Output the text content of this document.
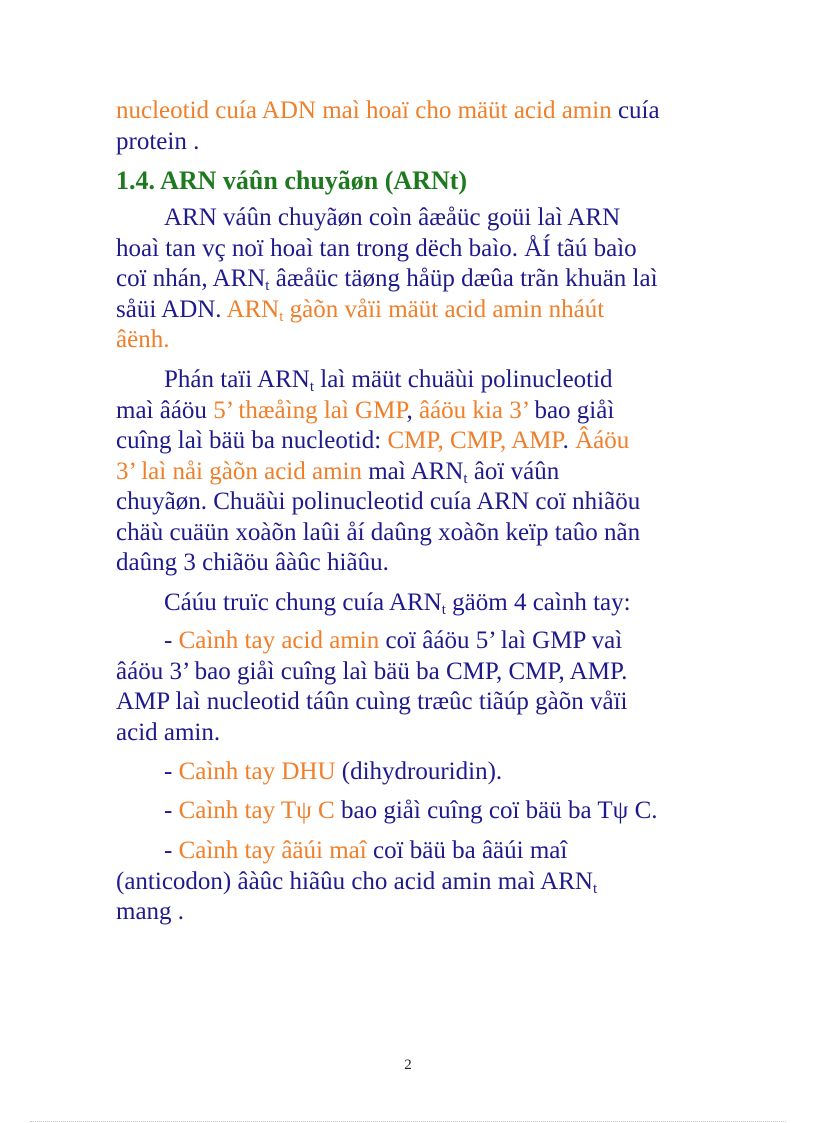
nucleotid cuía ADN maì hoaï cho mäüt acid amin cuía
protein .
1.4. ARN váûn chuyãøn (ARNt)
ARN váûn chuyãøn coìn âæåüc goüi laì ARN
hoaì tan vç noï hoaì tan trong dëch baìo. ÅÍ tãú baìo
coï nhán, $ARN_t$ âæåüc täøng håüp dæûa trãn khuän laì
såüi ADN. $ARN_t$ gàõn våïi mäüt acid amin nháút
âënh.
Phán taïi $ARN_t$ laì mäüt chuäùi polinucleotid
maì âáöu 5’ thæåìng laì GMP, âáöu kia 3’ bao giåì
cuîng laì bäü ba nucleotid: CMP, CMP, AMP. Âáöu
3’ laì nåi gàõn acid amin maì $ARN_t$ âoï váûn
chuyãøn. Chuäùi polinucleotid cuía ARN coï nhiãöu
chäù cuäün xoàõn laûi åí daûng xoàõn keïp taûo nãn
daûng 3 chiãöu âàûc hiãûu.
Cáúu truïc chung cuía $ARN_t$ gäöm 4 caình tay:
- Caình tay acid amin coï âáöu 5’ laì GMP vaì
âáöu 3’ bao giåì cuîng laì bäü ba CMP, CMP, AMP.
AMP laì nucleotid táûn cuìng træûc tiãúp gàõn våïi
acid amin.
- Caình tay DHU (dihydrouridin).
- Caình tay Tψ C bao giåì cuîng coï bäü ba Tψ C.
- Caình tay âäúi maî coï bäü ba âäúi maî
(anticodon) âàûc hiãûu cho acid amin maì $ARN_t$
mang .
2
